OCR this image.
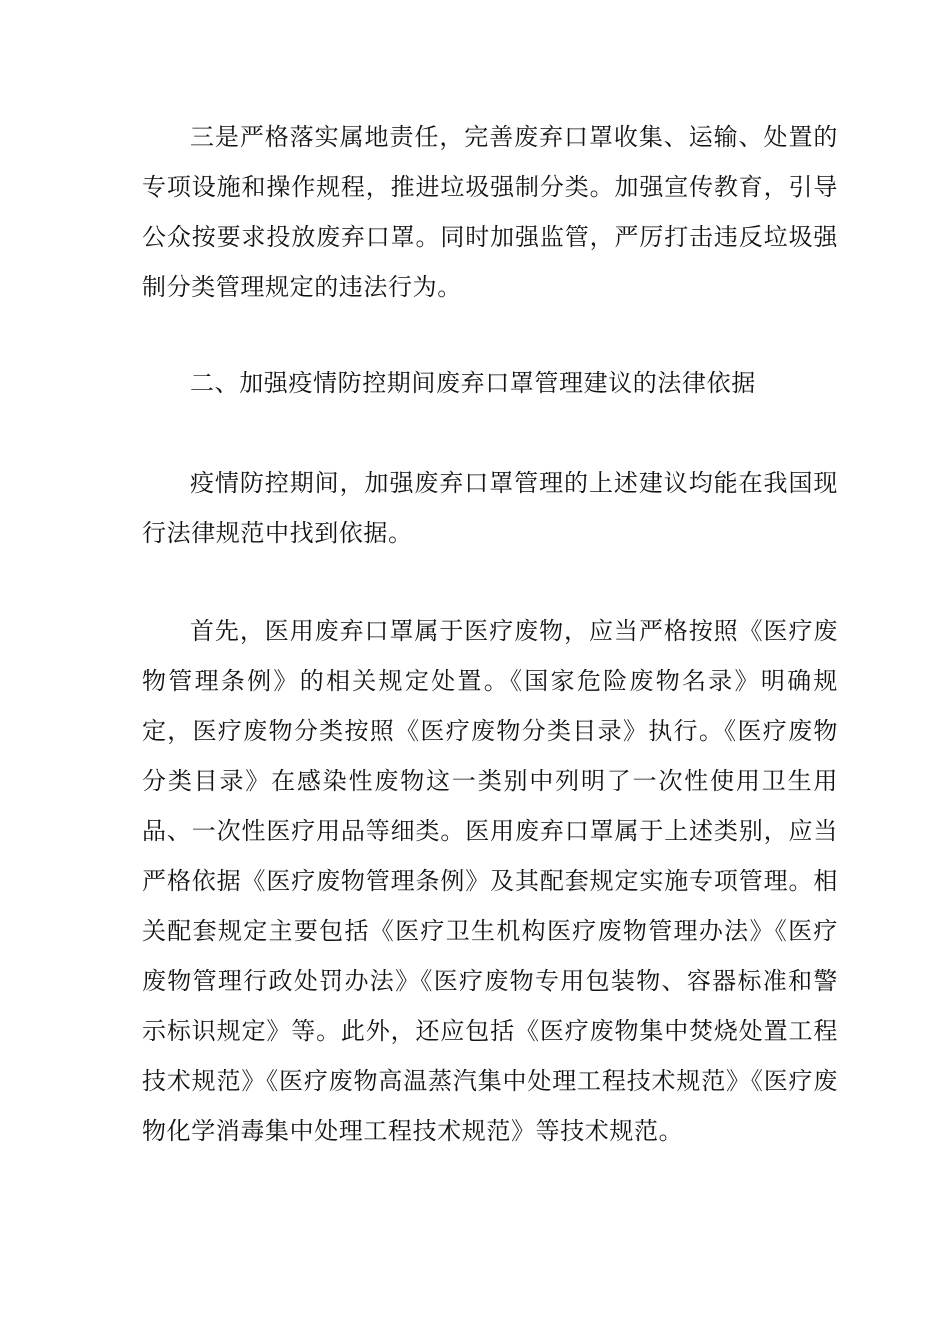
三是严格落实属地责任，完善废弃口罩收集、运输、处置的专项设施和操作规程，推进垃圾强制分类。加强宣传教育，引导公众按要求投放废弃口罩。同时加强监管，严厉打击违反垃圾强制分类管理规定的违法行为。

二、加强疫情防控期间废弃口罩管理建议的法律依据

疫情防控期间，加强废弃口罩管理的上述建议均能在我国现行法律规范中找到依据。

首先，医用废弃口罩属于医疗废物，应当严格按照《医疗废物管理条例》的相关规定处置。《国家危险废物名录》明确规定，医疗废物分类按照《医疗废物分类目录》执行。《医疗废物分类目录》在感染性废物这一类别中列明了一次性使用卫生用品、一次性医疗用品等细类。医用废弃口罩属于上述类别，应当严格依据《医疗废物管理条例》及其配套规定实施专项管理。相关配套规定主要包括《医疗卫生机构医疗废物管理办法》《医疗废物管理行政处罚办法》《医疗废物专用包装物、容器标准和警示标识规定》等。此外，还应包括《医疗废物集中焚烧处置工程技术规范》《医疗废物高温蒸汽集中处理工程技术规范》《医疗废物化学消毒集中处理工程技术规范》等技术规范。
